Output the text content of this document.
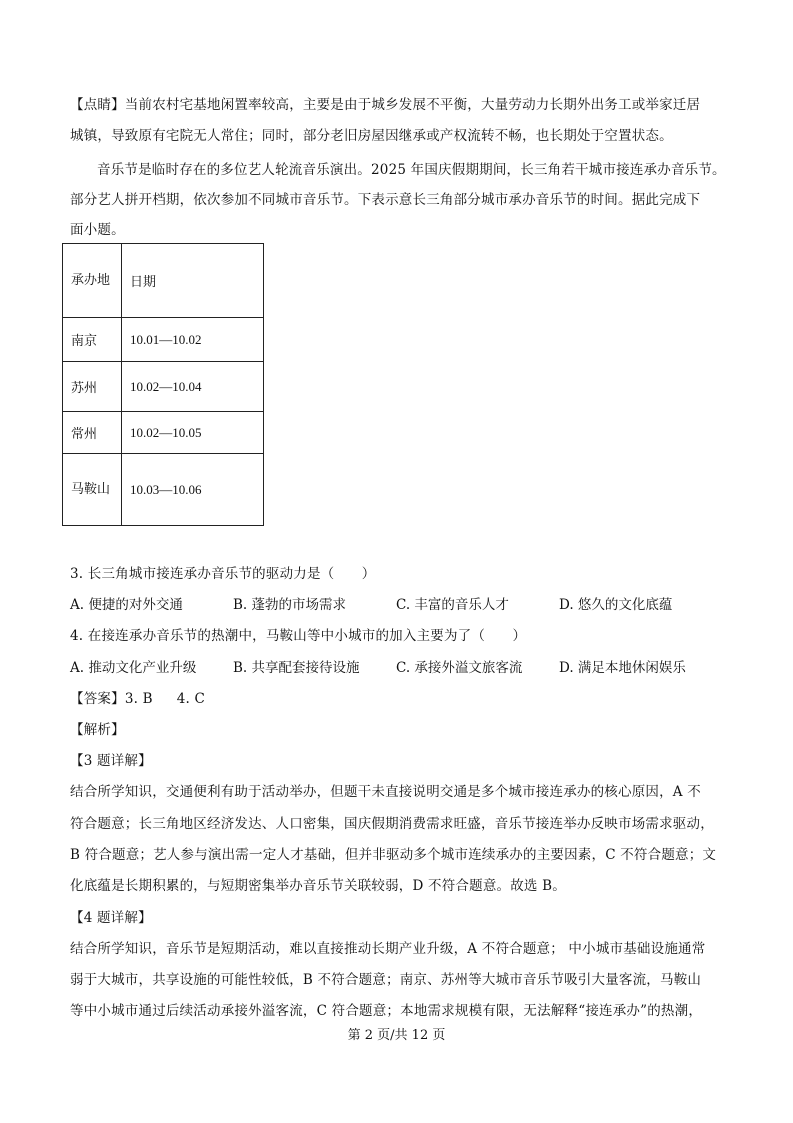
【点睛】当前农村宅基地闲置率较高，主要是由于城乡发展不平衡，大量劳动力长期外出务工或举家迁居
城镇，导致原有宅院无人常住；同时，部分老旧房屋因继承或产权流转不畅，也长期处于空置状态。
音乐节是临时存在的多位艺人轮流音乐演出。2025 年国庆假期期间，长三角若干城市接连承办音乐节。
部分艺人拼开档期，依次参加不同城市音乐节。下表示意长三角部分城市承办音乐节的时间。据此完成下
面小题。
承办地	日期
南京	10.01—10.02
苏州	10.02—10.04
常州	10.02—10.05
马鞍山	10.03—10.06
3. 长三角城市接连承办音乐节的驱动力是（　　）
A. 便捷的对外交通	B. 蓬勃的市场需求	C. 丰富的音乐人才	D. 悠久的文化底蕴
4. 在接连承办音乐节的热潮中，马鞍山等中小城市的加入主要为了（　　）
A. 推动文化产业升级	B. 共享配套接待设施	C. 承接外溢文旅客流	D. 满足本地休闲娱乐
【答案】3. B 4. C
【解析】
【3 题详解】
结合所学知识，交通便利有助于活动举办，但题干未直接说明交通是多个城市接连承办的核心原因，A 不
符合题意；长三角地区经济发达、人口密集，国庆假期消费需求旺盛，音乐节接连举办反映市场需求驱动，
B 符合题意；艺人参与演出需一定人才基础，但并非驱动多个城市连续承办的主要因素，C 不符合题意；文
化底蕴是长期积累的，与短期密集举办音乐节关联较弱，D 不符合题意。故选 B。
【4 题详解】
结合所学知识，音乐节是短期活动，难以直接推动长期产业升级，A 不符合题意； 中小城市基础设施通常
弱于大城市，共享设施的可能性较低，B 不符合题意；南京、苏州等大城市音乐节吸引大量客流，马鞍山
等中小城市通过后续活动承接外溢客流，C 符合题意；本地需求规模有限，无法解释“接连承办”的热潮，
第 2 页/共 12 页
